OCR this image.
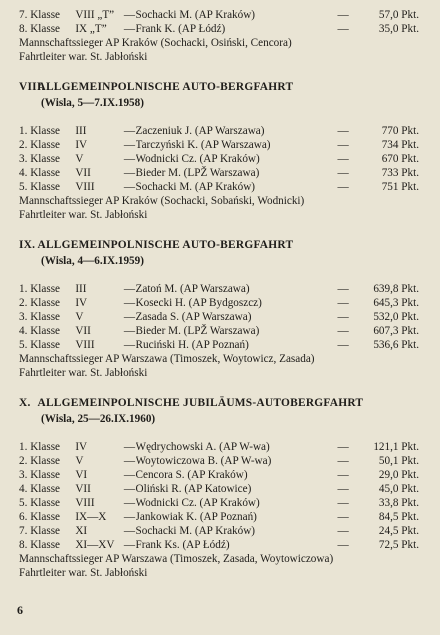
7. Klasse	VIII „T” — Sochacki M. (AP Kraków)	—	57,0 Pkt.
8. Klasse	IX „T”	— Frank K. (AP Łódź)	—	35,0 Pkt.
Mannschaftssieger AP Kraków (Sochacki, Osiński, Cencora)
Fahrtleiter war. St. Jabłoński
VIII. ALLGEMEINPOLNISCHE AUTO-BERGFAHRT
(Wisla, 5—7.IX.1958)
1. Klasse	III	— Zaczeniuk J. (AP Warszawa)	—	770 Pkt.
2. Klasse	IV	— Tarczyński K. (AP Warszawa)	—	734 Pkt.
3. Klasse	V	— Wodnicki Cz. (AP Kraków)	—	670 Pkt.
4. Klasse	VII	— Bieder M. (LPŽ Warszawa)	—	733 Pkt.
5. Klasse	VIII	— Sochacki M. (AP Kraków)	—	751 Pkt.
Mannschaftssieger AP Kraków (Sochacki, Sobański, Wodnicki)
Fahrtleiter war. St. Jabłoński
IX. ALLGEMEINPOLNISCHE AUTO-BERGFAHRT
(Wisla, 4—6.IX.1959)
1. Klasse	III	— Zatoń M. (AP Warszawa)	—	639,8 Pkt.
2. Klasse	IV	— Kosecki H. (AP Bydgoszcz)	—	645,3 Pkt.
3. Klasse	V	— Zasada S. (AP Warszawa)	—	532,0 Pkt.
4. Klasse	VII	— Bieder M. (LPŽ Warszawa)	—	607,3 Pkt.
5. Klasse	VIII	— Ruciński H. (AP Poznań)	—	536,6 Pkt.
Mannschaftssieger AP Warszawa (Timoszek, Woytowicz, Zasada)
Fahrtleiter war. St. Jabłoński
X. ALLGEMEINPOLNISCHE JUBILÄUMS-AUTOBERGFAHRT
(Wisla, 25—26.IX.1960)
1. Klasse	IV	— Wędrychowski A. (AP W-wa)	—	121,1 Pkt.
2. Klasse	V	— Woytowiczowa B. (AP W-wa)	—	50,1 Pkt.
3. Klasse	VI	— Cencora S. (AP Kraków)	—	29,0 Pkt.
4. Klasse	VII	— Oliński R. (AP Katowice)	—	45,0 Pkt.
5. Klasse	VIII	— Wodnicki Cz. (AP Kraków)	—	33,8 Pkt.
6. Klasse	IX—X	— Jankowiak K. (AP Poznań)	—	84,5 Pkt.
7. Klasse	XI	— Sochacki M. (AP Kraków)	—	24,5 Pkt.
8. Klasse	XI—XV — Frank Ks. (AP Łódź)	—	72,5 Pkt.
Mannschaftssieger AP Warszawa (Timoszek, Zasada, Woytowiczowa)
Fahrtleiter war. St. Jabłoński
6
